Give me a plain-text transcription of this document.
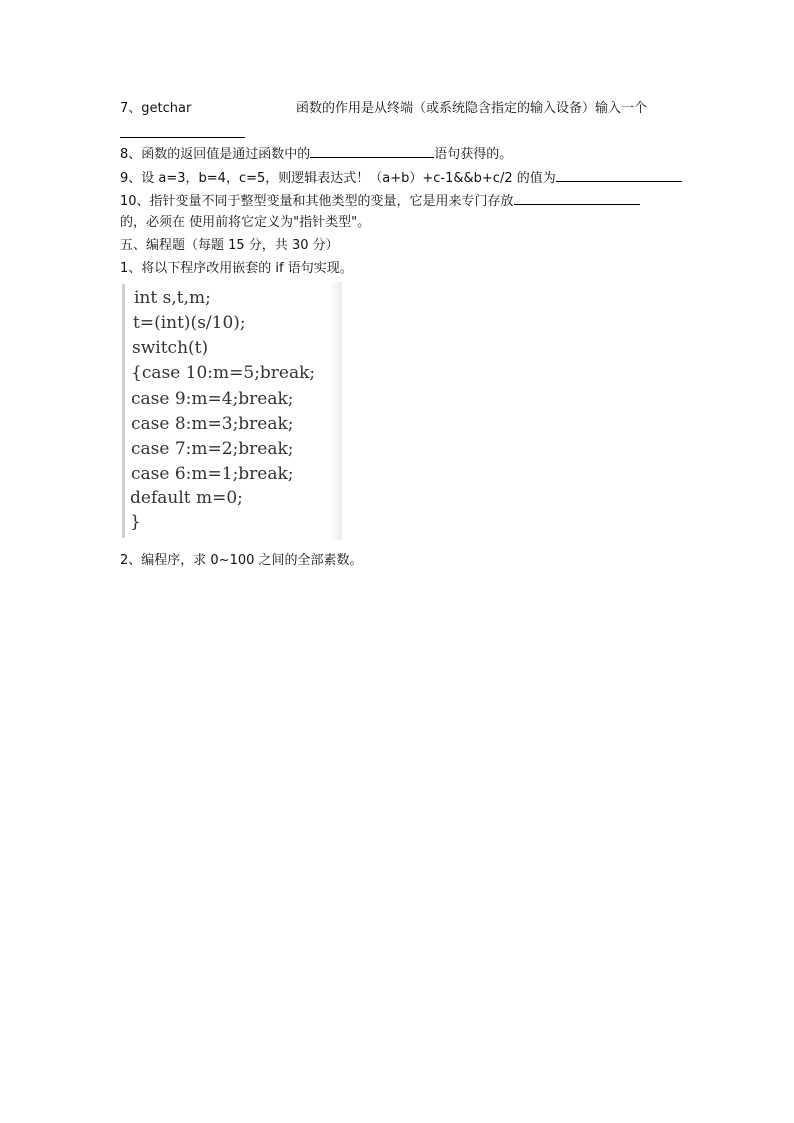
7、getchar	函数的作用是从终端（或系统隐含指定的输入设备）输入一个
8、函数的返回值是通过函数中的	语句获得的。
9、设 a=3，b=4，c=5，则逻辑表达式！（a+b）+c-1&&b+c/2 的值为
10、指针变量不同于整型变量和其他类型的变量，它是用来专门存放
的，必须在 使用前将它定义为"指针类型"。
五、编程题（每题 15 分，共 30 分）
1、将以下程序改用嵌套的 if 语句实现。
int s,t,m;
t=(int)(s/10);
switch(t)
{case 10:m=5;break;
case 9:m=4;break;
case 8:m=3;break;
case 7:m=2;break;
case 6:m=1;break;
default m=0;
}
2、编程序，求 0~100 之间的全部素数。
